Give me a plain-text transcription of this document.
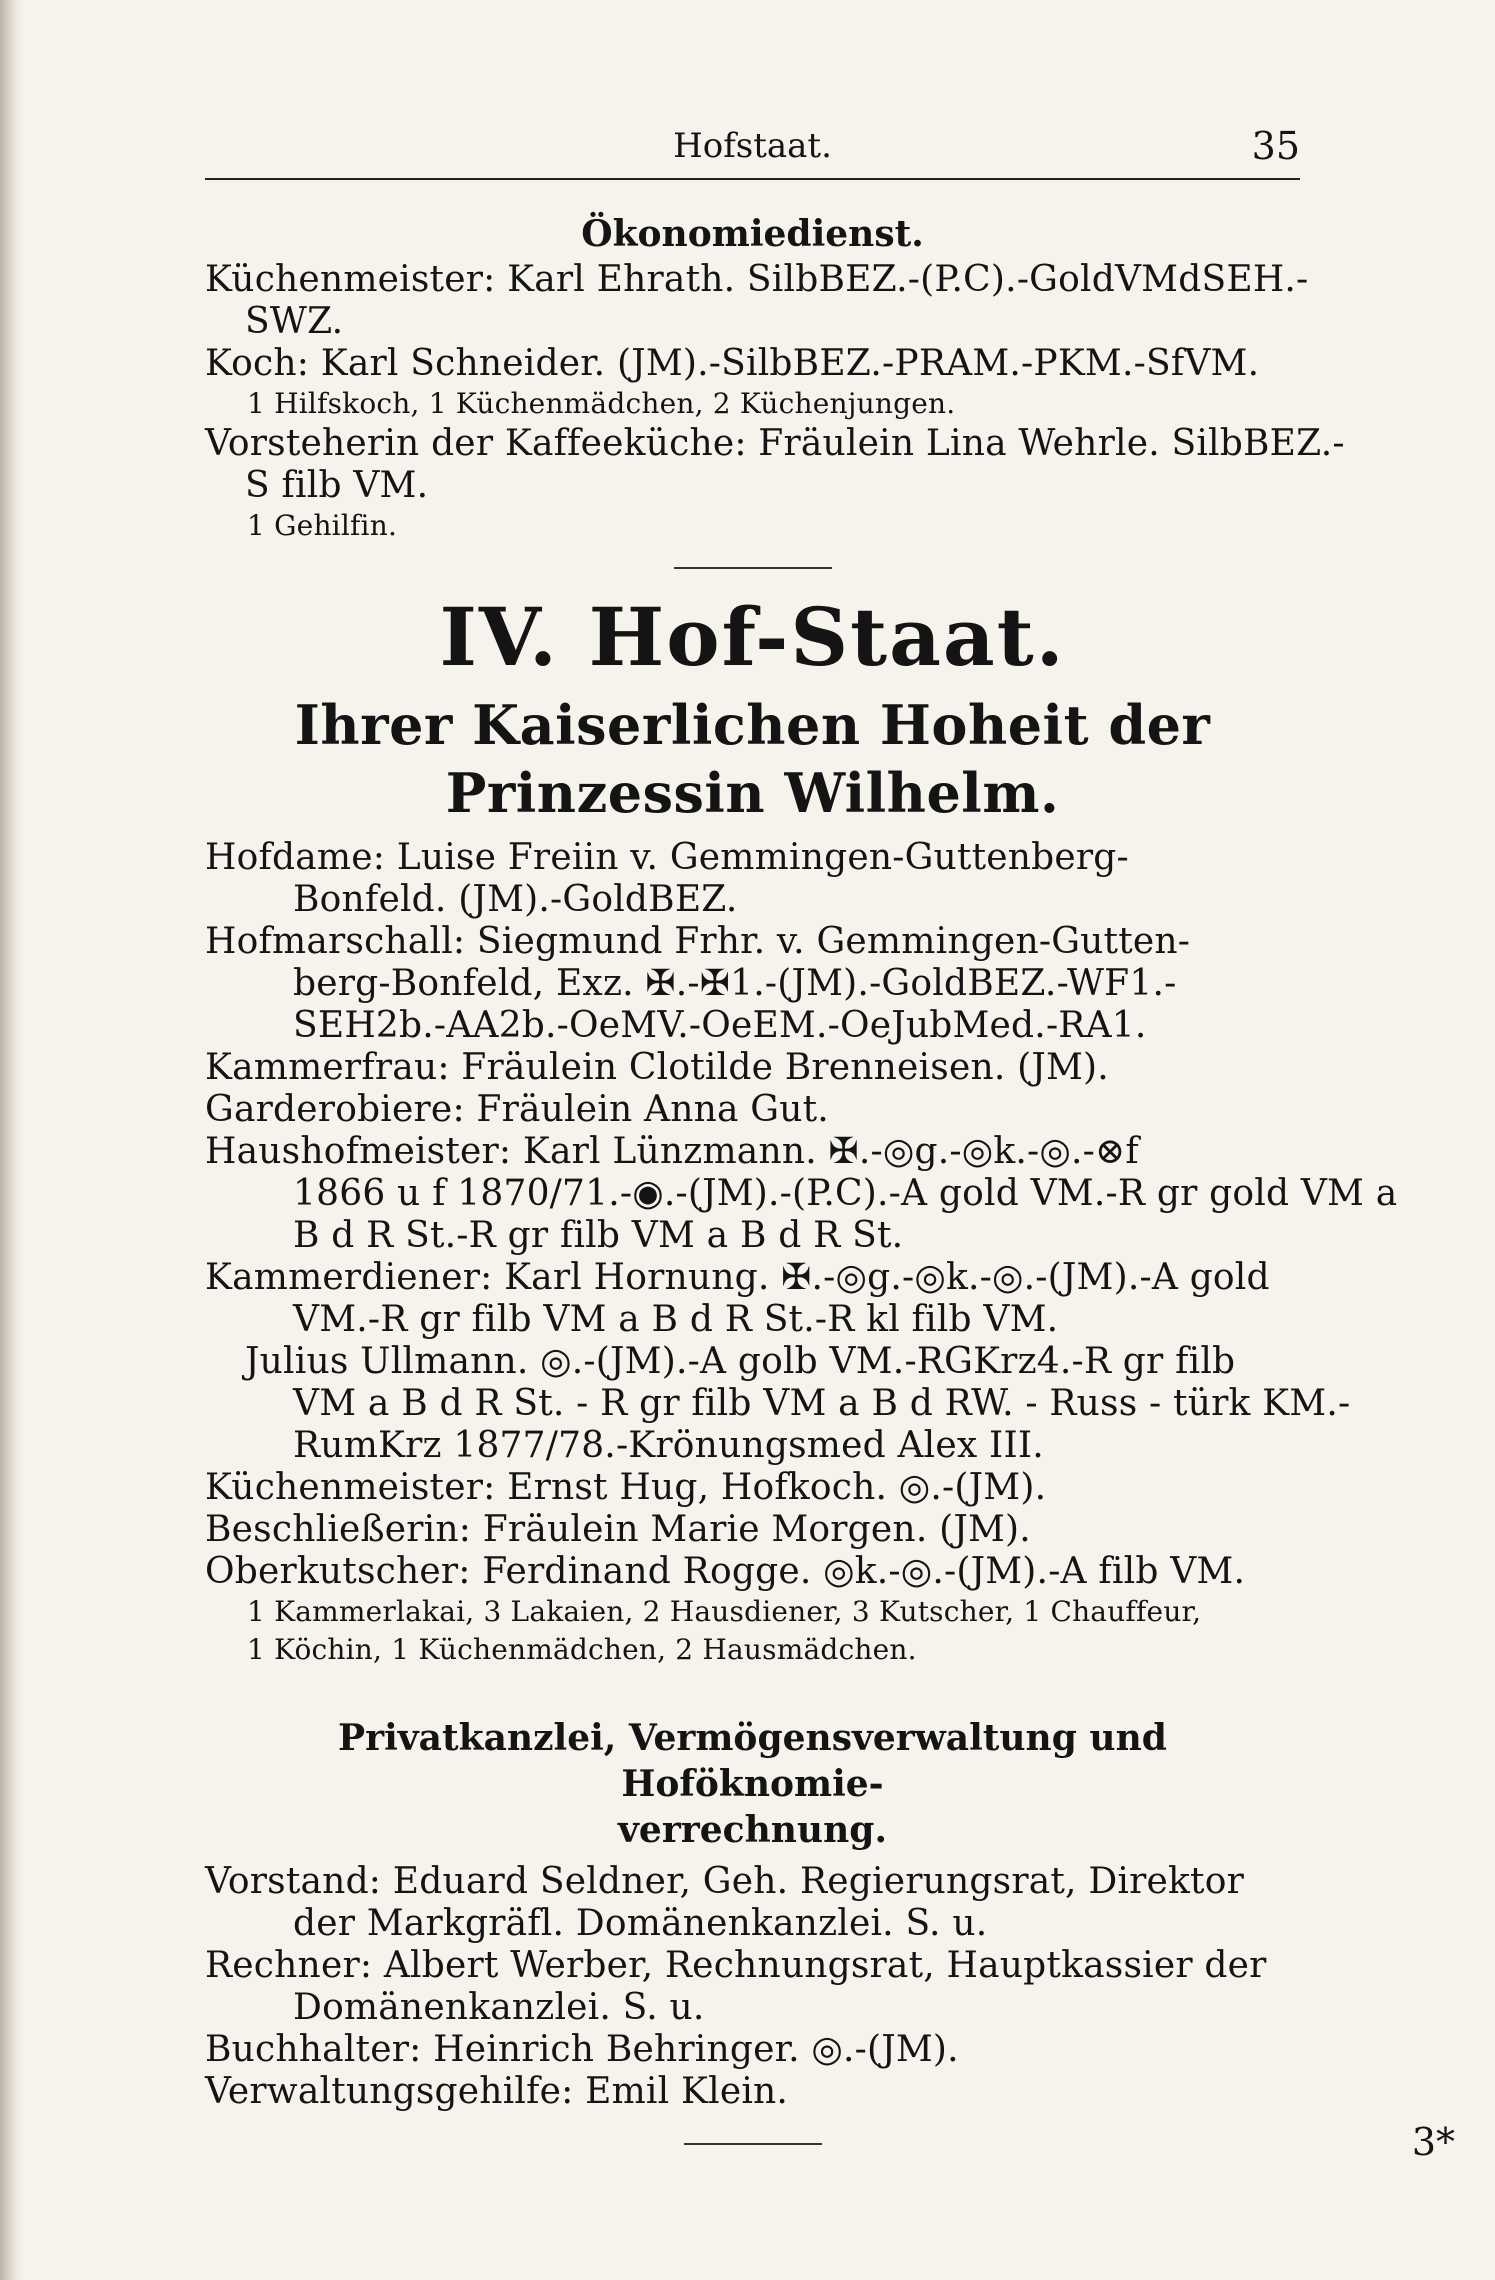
Hofstaat.	35
Ökonomiedienst.
Küchenmeister: Karl Ehrath. SilbBEZ.-(P.C).-GoldVMdSEH.-
SWZ.
Koch: Karl Schneider. (JM).-SilbBEZ.-PRAM.-PKM.-SfVM.
1 Hilfskoch, 1 Küchenmädchen, 2 Küchenjungen.
Vorsteherin der Kaffeeküche: Fräulein Lina Wehrle. SilbBEZ.-
S filb VM.
1 Gehilfin.
IV. Hof-Staat.
Ihrer Kaiserlichen Hoheit der Prinzessin Wilhelm.
Hofdame: Luise Freiin v. Gemmingen-Guttenberg-
Bonfeld. (JM).-GoldBEZ.
Hofmarschall: Siegmund Frhr. v. Gemmingen-Gutten-
berg-Bonfeld, Exz. ✠.-✠1.-(JM).-GoldBEZ.-WF1.-
SEH2b.-AA2b.-OeMV.-OeEM.-OeJubMed.-RA1.
Kammerfrau: Fräulein Clotilde Brenneisen. (JM).
Garderobiere: Fräulein Anna Gut.
Haushofmeister: Karl Lünzmann. ✠.-◎g.-◎k.-◎.-⊗f
1866 u f 1870/71.-◉.-(JM).-(P.C).-A gold VM.-R gr gold VM a
B d R St.-R gr filb VM a B d R St.
Kammerdiener: Karl Hornung. ✠.-◎g.-◎k.-◎.-(JM).-A gold
VM.-R gr filb VM a B d R St.-R kl filb VM.
Julius Ullmann. ◎.-(JM).-A golb VM.-RGKrz4.-R gr filb
VM a B d R St. - R gr filb VM a B d RW. - Russ - türk KM.-
RumKrz 1877/78.-Krönungsmed Alex III.
Küchenmeister: Ernst Hug, Hofkoch. ◎.-(JM).
Beschließerin: Fräulein Marie Morgen. (JM).
Oberkutscher: Ferdinand Rogge. ◎k.-◎.-(JM).-A filb VM.
1 Kammerlakai, 3 Lakaien, 2 Hausdiener, 3 Kutscher, 1 Chauffeur,
1 Köchin, 1 Küchenmädchen, 2 Hausmädchen.
Privatkanzlei, Vermögensverwaltung und Hoföknomie-
verrechnung.
Vorstand: Eduard Seldner, Geh. Regierungsrat, Direktor
der Markgräfl. Domänenkanzlei. S. u.
Rechner: Albert Werber, Rechnungsrat, Hauptkassier der
Domänenkanzlei. S. u.
Buchhalter: Heinrich Behringer. ◎.-(JM).
Verwaltungsgehilfe: Emil Klein.
3*
